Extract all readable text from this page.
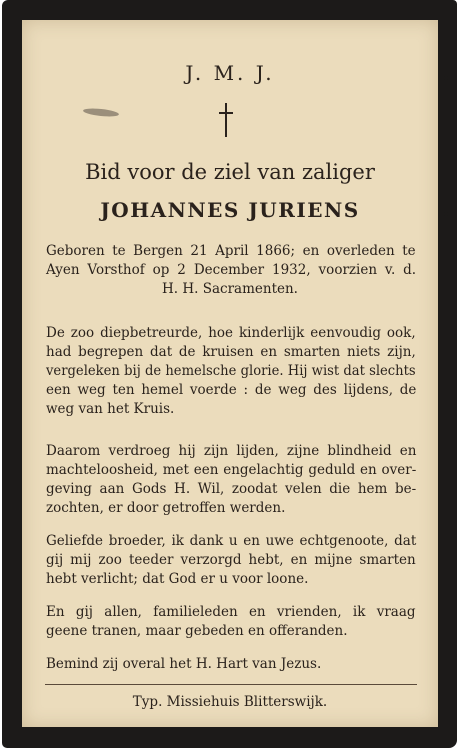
J. M. J.
Bid voor de ziel van zaliger
JOHANNES JURIENS
Geboren te Bergen 21 April 1866; en overleden te
Ayen Vorsthof op 2 December 1932, voorzien v. d.
H. H. Sacramenten.
De zoo diepbetreurde, hoe kinderlijk eenvoudig ook,
had begrepen dat de kruisen en smarten niets zijn,
vergeleken bij de hemelsche glorie. Hij wist dat slechts
een weg ten hemel voerde : de weg des lijdens, de
weg van het Kruis.
Daarom verdroeg hij zijn lijden, zijne blindheid en
machteloosheid, met een engelachtig geduld en over-
geving aan Gods H. Wil, zoodat velen die hem be-
zochten, er door getroffen werden.
Geliefde broeder, ik dank u en uwe echtgenoote, dat
gij mij zoo teeder verzorgd hebt, en mijne smarten
hebt verlicht; dat God er u voor loone.
En gij allen, familieleden en vrienden, ik vraag
geene tranen, maar gebeden en offeranden.
Bemind zij overal het H. Hart van Jezus.
Typ. Missiehuis Blitterswijk.
